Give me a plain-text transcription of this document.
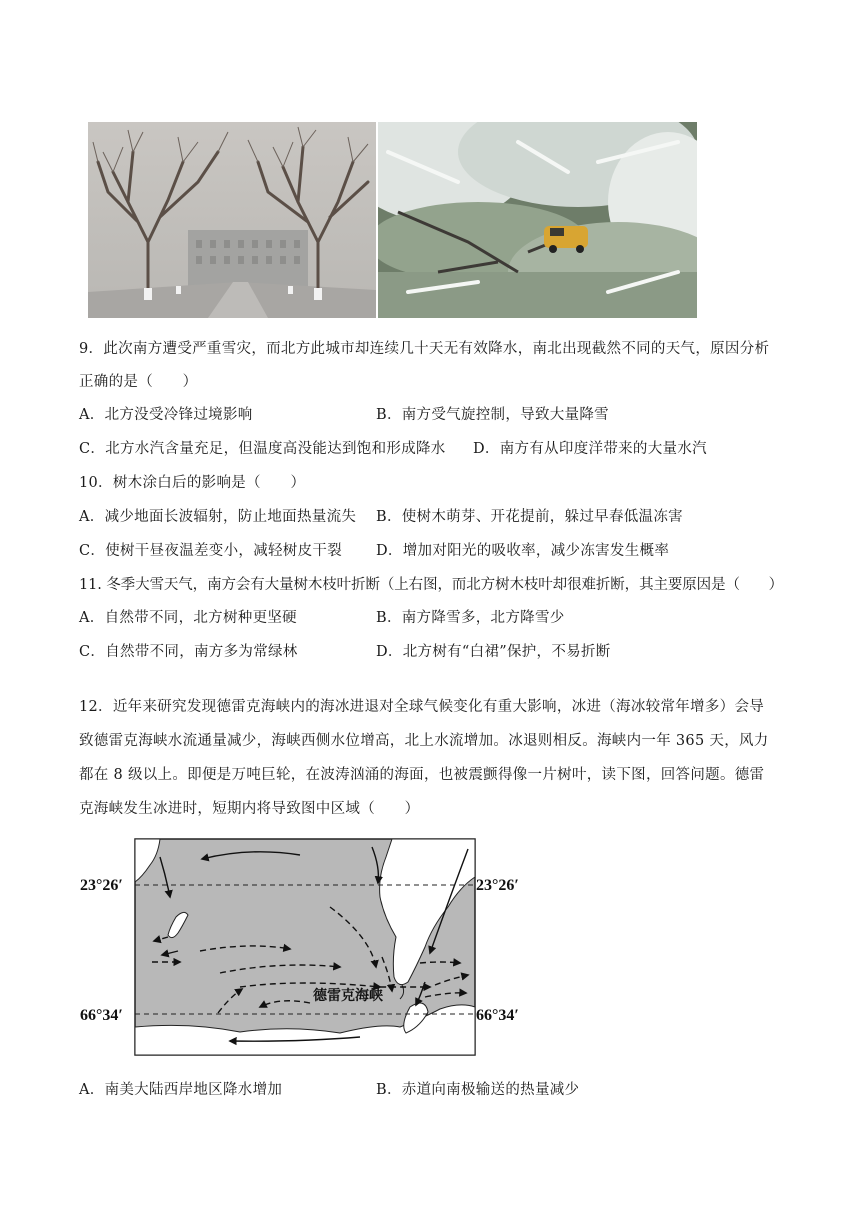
9．此次南方遭受严重雪灾，而北方此城市却连续几十天无有效降水，南北出现截然不同的天气，原因分析
正确的是（　　）
A．北方没受冷锋过境影响	B．南方受气旋控制，导致大量降雪
C．北方水汽含量充足，但温度高没能达到饱和形成降水 D．南方有从印度洋带来的大量水汽
10．树木涂白后的影响是（　　）
A．减少地面长波辐射，防止地面热量流失 B．使树木萌芽、开花提前，躲过早春低温冻害
C．使树干昼夜温差变小，减轻树皮干裂 D．增加对阳光的吸收率，减少冻害发生概率
11. 冬季大雪天气，南方会有大量树木枝叶折断（上右图，而北方树木枝叶却很难折断，其主要原因是（　　）
A．自然带不同，北方树种更坚硬	B．南方降雪多，北方降雪少
C．自然带不同，南方多为常绿林	D．北方树有“白裙”保护，不易折断
12．近年来研究发现德雷克海峡内的海冰进退对全球气候变化有重大影响，冰进（海冰较常年增多）会导
致德雷克海峡水流通量减少，海峡西侧水位增高，北上水流增加。冰退则相反。海峡内一年 365 天，风力
都在 8 级以上。即便是万吨巨轮，在波涛汹涌的海面，也被震颤得像一片树叶，读下图，回答问题。德雷
克海峡发生冰进时，短期内将导致图中区域（　　）
23°26′	23°26′
66°34′	66°34′
德雷克海峡
A．南美大陆西岸地区降水增加	B．赤道向南极输送的热量减少
